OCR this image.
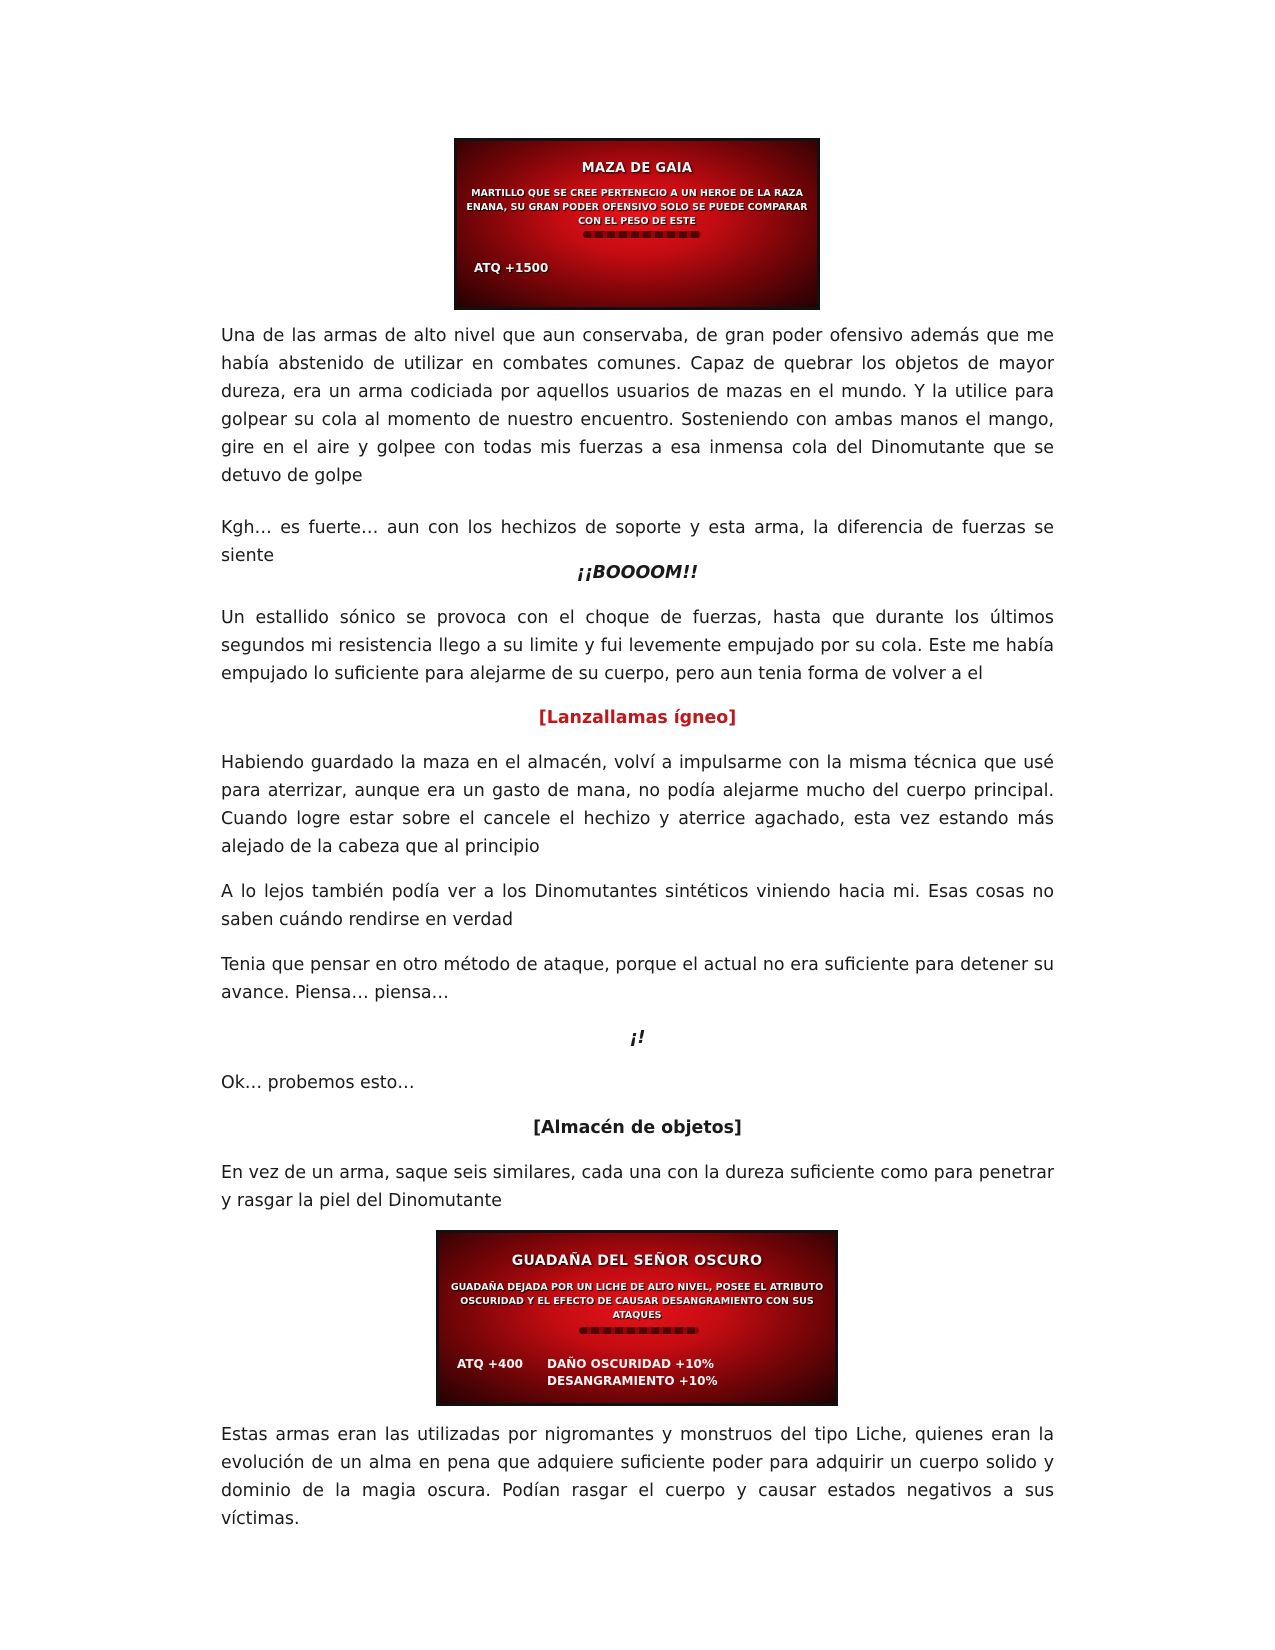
MAZA DE GAIA
MARTILLO QUE SE CREE PERTENECIO A UN HEROE DE LA RAZA ENANA, SU GRAN PODER OFENSIVO SOLO SE PUEDE COMPARAR CON EL PESO DE ESTE
ATQ +1500

Una de las armas de alto nivel que aun conservaba, de gran poder ofensivo además que me había abstenido de utilizar en combates comunes. Capaz de quebrar los objetos de mayor dureza, era un arma codiciada por aquellos usuarios de mazas en el mundo. Y la utilice para golpear su cola al momento de nuestro encuentro. Sosteniendo con ambas manos el mango, gire en el aire y golpee con todas mis fuerzas a esa inmensa cola del Dinomutante que se detuvo de golpe

Kgh… es fuerte… aun con los hechizos de soporte y esta arma, la diferencia de fuerzas se siente

¡¡BOOOOM!!

Un estallido sónico se provoca con el choque de fuerzas, hasta que durante los últimos segundos mi resistencia llego a su limite y fui levemente empujado por su cola. Este me había empujado lo suficiente para alejarme de su cuerpo, pero aun tenia forma de volver a el

[Lanzallamas ígneo]

Habiendo guardado la maza en el almacén, volví a impulsarme con la misma técnica que usé para aterrizar, aunque era un gasto de mana, no podía alejarme mucho del cuerpo principal. Cuando logre estar sobre el cancele el hechizo y aterrice agachado, esta vez estando más alejado de la cabeza que al principio

A lo lejos también podía ver a los Dinomutantes sintéticos viniendo hacia mi. Esas cosas no saben cuándo rendirse en verdad

Tenia que pensar en otro método de ataque, porque el actual no era suficiente para detener su avance. Piensa… piensa…

¡!

Ok… probemos esto…

[Almacén de objetos]

En vez de un arma, saque seis similares, cada una con la dureza suficiente como para penetrar y rasgar la piel del Dinomutante

GUADAÑA DEL SEÑOR OSCURO
GUADAÑA DEJADA POR UN LICHE DE ALTO NIVEL, POSEE EL ATRIBUTO OSCURIDAD Y EL EFECTO DE CAUSAR DESANGRAMIENTO CON SUS ATAQUES
ATQ +400 DAÑO OSCURIDAD +10%
DESANGRAMIENTO +10%

Estas armas eran las utilizadas por nigromantes y monstruos del tipo Liche, quienes eran la evolución de un alma en pena que adquiere suficiente poder para adquirir un cuerpo solido y dominio de la magia oscura. Podían rasgar el cuerpo y causar estados negativos a sus víctimas.
